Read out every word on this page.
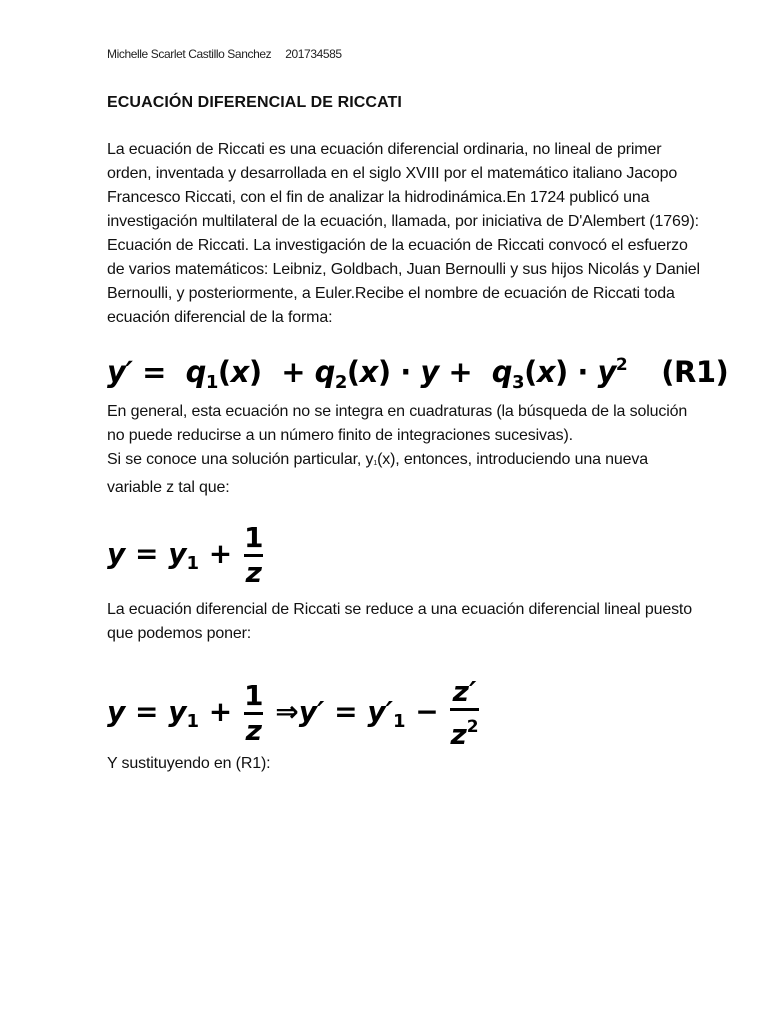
Michelle Scarlet Castillo Sanchez 201734585
ECUACIÓN DIFERENCIAL DE RICCATI

La ecuación de Riccati es una ecuación diferencial ordinaria, no lineal de primer orden, inventada y desarrollada en el siglo XVIII por el matemático italiano Jacopo Francesco Riccati, con el fin de analizar la hidrodinámica.En 1724 publicó una investigación multilateral de la ecuación, llamada, por iniciativa de D'Alembert (1769): Ecuación de Riccati. La investigación de la ecuación de Riccati convocó el esfuerzo de varios matemáticos: Leibniz, Goldbach, Juan Bernoulli y sus hijos Nicolás y Daniel Bernoulli, y posteriormente, a Euler.Recibe el nombre de ecuación de Riccati toda ecuación diferencial de la forma:

$y' = q_1(x) + q_2(x) \cdot y + q_3(x) \cdot y^2$ (R1)

En general, esta ecuación no se integra en cuadraturas (la búsqueda de la solución no puede reducirse a un número finito de integraciones sucesivas).
Si se conoce una solución particular, $y_1(x)$, entonces, introduciendo una nueva variable z tal que:

$y = y_1 + \frac{1}{z}$

La ecuación diferencial de Riccati se reduce a una ecuación diferencial lineal puesto que podemos poner:

$y = y_1 + \frac{1}{z}$ ⇒y′ = $y'_1 - \frac{z'}{z^2}$

Y sustituyendo en (R1):
